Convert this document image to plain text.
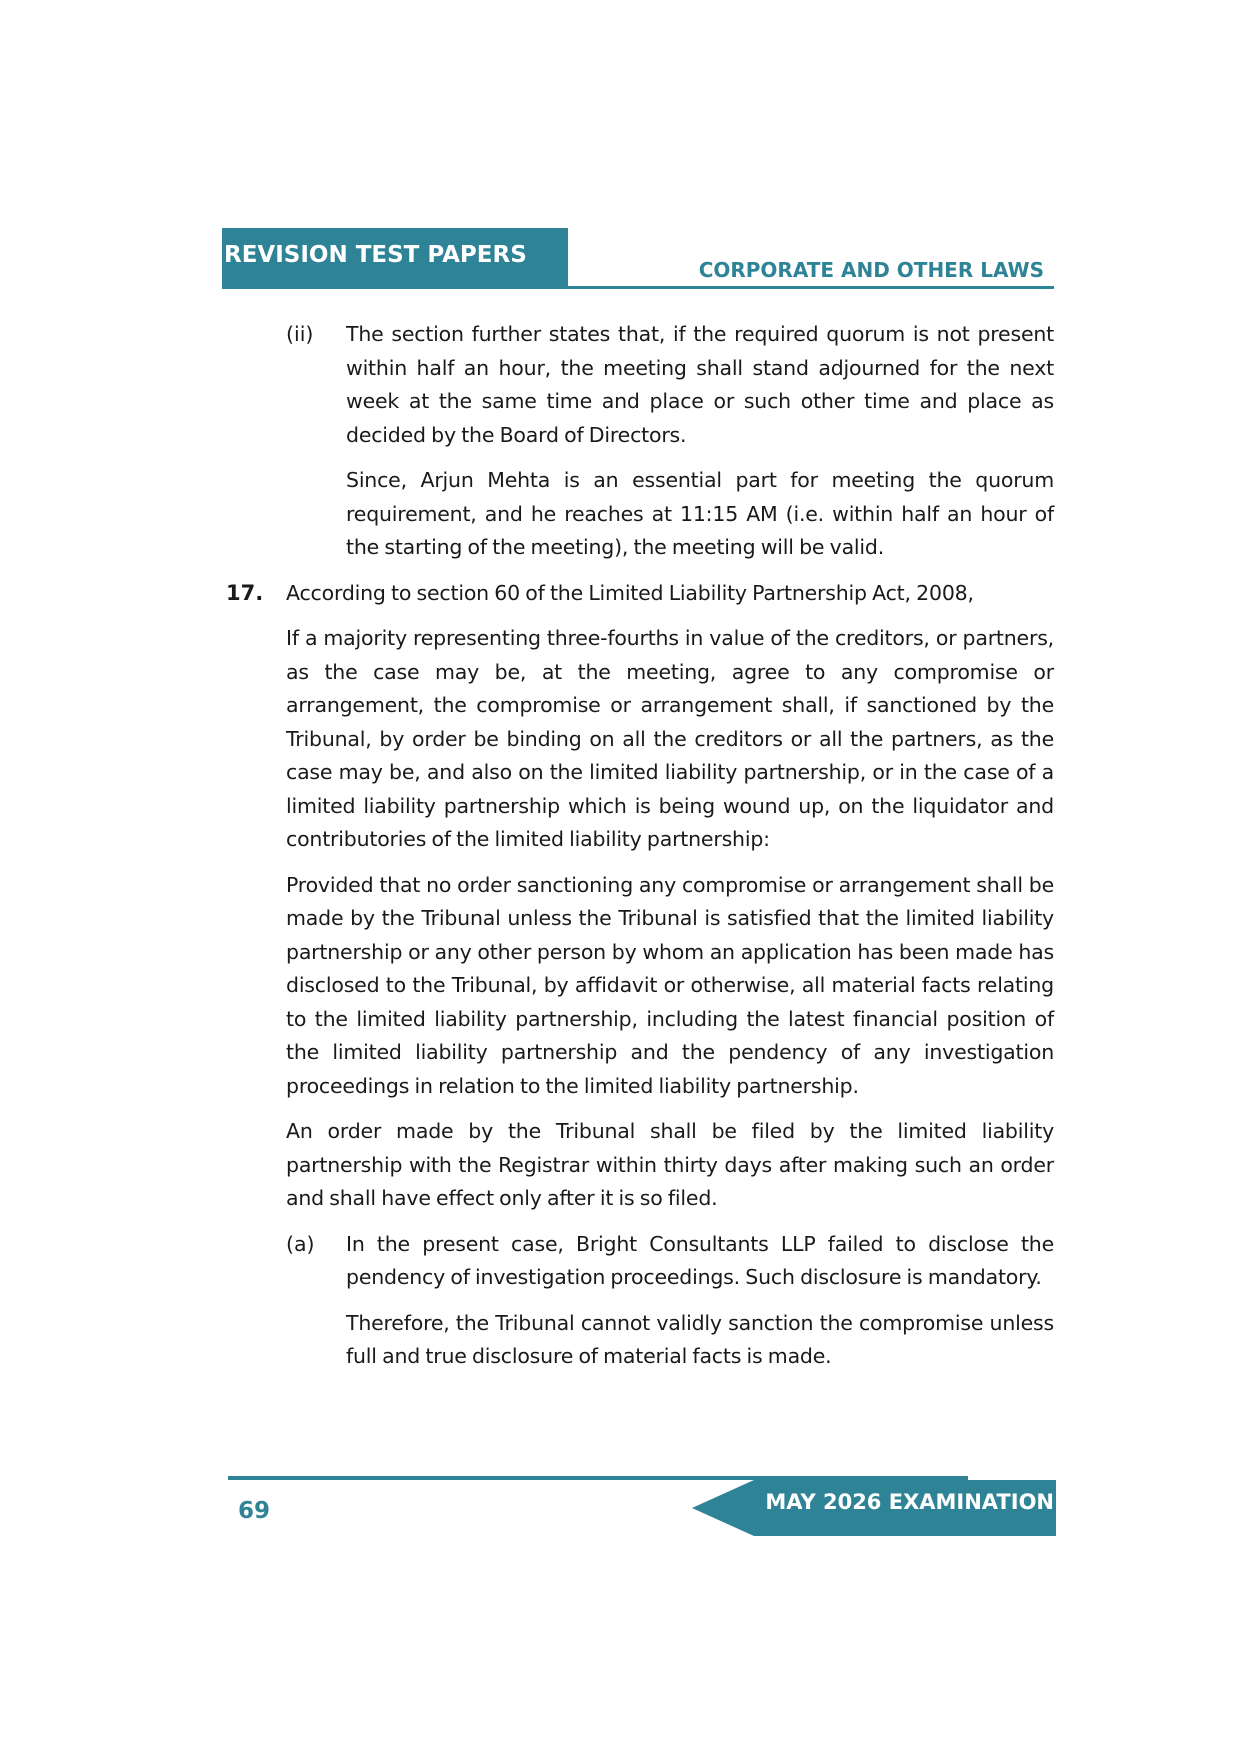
REVISION TEST PAPERS
CORPORATE AND OTHER LAWS
(ii) The section further states that, if the required quorum is not present within half an hour, the meeting shall stand adjourned for the next week at the same time and place or such other time and place as decided by the Board of Directors.

Since, Arjun Mehta is an essential part for meeting the quorum requirement, and he reaches at 11:15 AM (i.e. within half an hour of the starting of the meeting), the meeting will be valid.

17. According to section 60 of the Limited Liability Partnership Act, 2008,

If a majority representing three-fourths in value of the creditors, or partners, as the case may be, at the meeting, agree to any compromise or arrangement, the compromise or arrangement shall, if sanctioned by the Tribunal, by order be binding on all the creditors or all the partners, as the case may be, and also on the limited liability partnership, or in the case of a limited liability partnership which is being wound up, on the liquidator and contributories of the limited liability partnership:

Provided that no order sanctioning any compromise or arrangement shall be made by the Tribunal unless the Tribunal is satisfied that the limited liability partnership or any other person by whom an application has been made has disclosed to the Tribunal, by affidavit or otherwise, all material facts relating to the limited liability partnership, including the latest financial position of the limited liability partnership and the pendency of any investigation proceedings in relation to the limited liability partnership.

An order made by the Tribunal shall be filed by the limited liability partnership with the Registrar within thirty days after making such an order and shall have effect only after it is so filed.

(a) In the present case, Bright Consultants LLP failed to disclose the pendency of investigation proceedings. Such disclosure is mandatory.

Therefore, the Tribunal cannot validly sanction the compromise unless full and true disclosure of material facts is made.

69	MAY 2026 EXAMINATION
